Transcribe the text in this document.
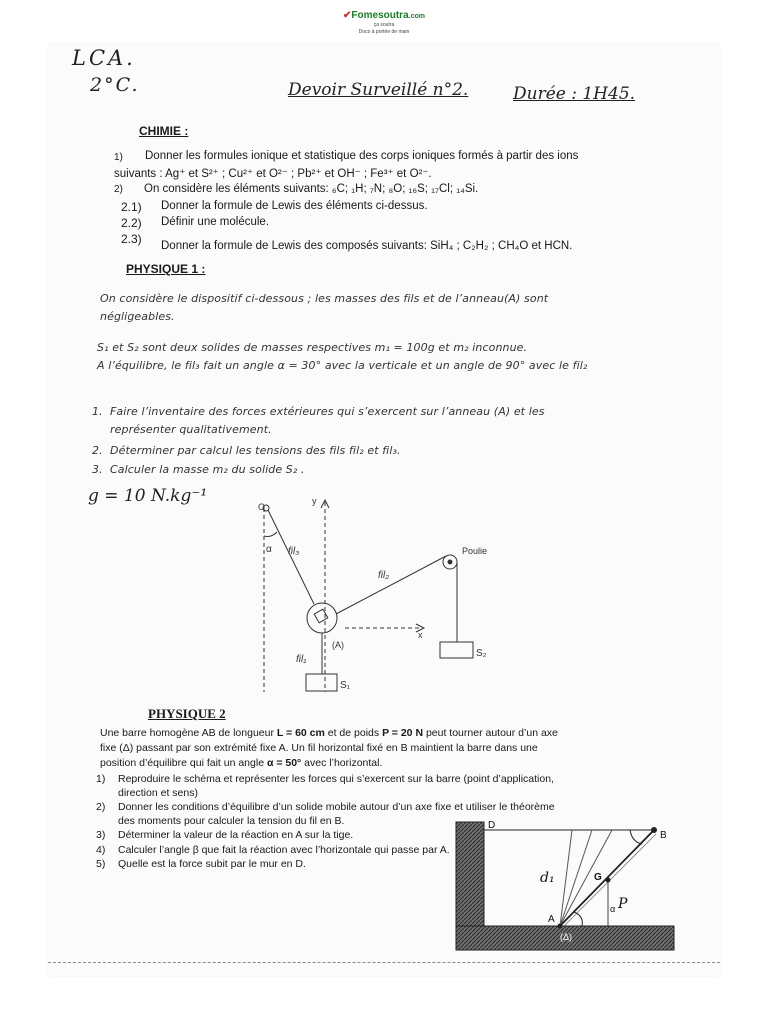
✔Fomesoutra.com
ça soutra
Doco à portée de main
LCA.
2°C.	Devoir Surveillé n°2.	Durée : 1H45.
CHIMIE :
1) Donner les formules ionique et statistique des corps ioniques formés à partir des ions
suivants : Ag⁺ et S²⁺ ; Cu²⁺ et O²⁻ ; Pb²⁺ et OH⁻ ; Fe³⁺ et O²⁻.
2) On considère les éléments suivants: ₆C; ₁H; ₇N; ₈O; ₁₆S; ₁₇Cl; ₁₄Si.
2.1) Donner la formule de Lewis des éléments ci-dessus.
2.2) Définir une molécule.
2.3) Donner la formule de Lewis des composés suivants: SiH₄ ; C₂H₂ ; CH₄O et HCN.
PHYSIQUE 1 :
On considère le dispositif ci-dessous ; les masses des fils et de l’anneau(A) sont
négligeables.
S₁ et S₂ sont deux solides de masses respectives m₁ = 100g et m₂ inconnue.
A l’équilibre, le fil₃ fait un angle α = 30° avec la verticale et un angle de 90° avec le fil₂
1. Faire l’inventaire des forces extérieures qui s’exercent sur l’anneau (A) et les
représenter qualitativement.
2. Déterminer par calcul les tensions des fils fil₂ et fil₃.
3. Calculer la masse m₂ du solide S₂ .
g = 10 N.kg⁻¹
O
y
α fil₃
fil₂
Poulie
(A)
x
fil₁
S₁
S₂
PHYSIQUE 2
Une barre homogène AB de longueur L = 60 cm et de poids P = 20 N peut tourner autour d’un axe
fixe (Δ) passant par son extrémité fixe A. Un fil horizontal fixé en B maintient la barre dans une
position d’équilibre qui fait un angle α = 50° avec l’horizontal.
1) Reproduire le schéma et représenter les forces qui s’exercent sur la barre (point d’application,
direction et sens)
2) Donner les conditions d’équilibre d’un solide mobile autour d’un axe fixe et utiliser le théorème
des moments pour calculer la tension du fil en B.
3) Déterminer la valeur de la réaction en A sur la tige.
4) Calculer l’angle β que fait la réaction avec l’horizontale qui passe par A.
5) Quelle est la force subit par le mur en D.
D
B
G
A
(Δ)
α
d₁
P
